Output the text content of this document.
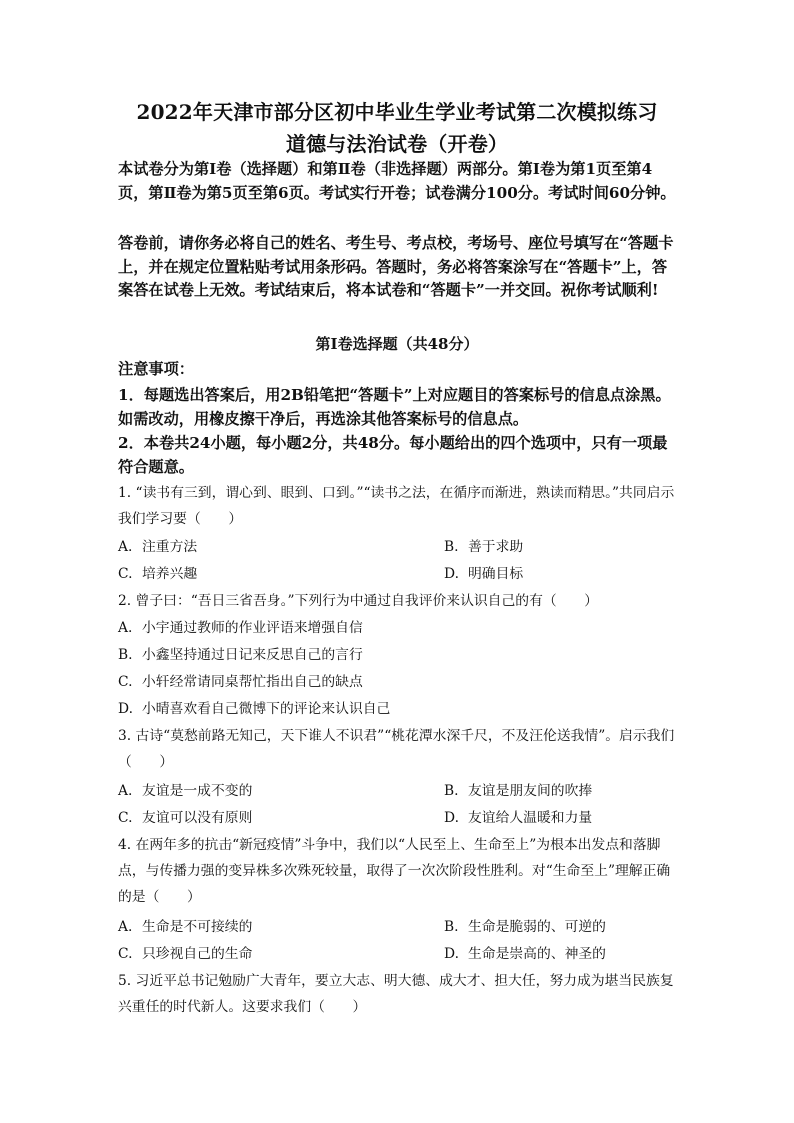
2022年天津市部分区初中毕业生学业考试第二次模拟练习
道德与法治试卷（开卷）

本试卷分为第Ⅰ卷（选择题）和第Ⅱ卷（非选择题）两部分。第Ⅰ卷为第1页至第4页，第Ⅱ卷为第5页至第6页。考试实行开卷；试卷满分100分。考试时间60分钟。

答卷前，请你务必将自己的姓名、考生号、考点校，考场号、座位号填写在“答题卡上，并在规定位置粘贴考试用条形码。答题时，务必将答案涂写在“答题卡”上，答案答在试卷上无效。考试结束后，将本试卷和“答题卡”一并交回。祝你考试顺利!

第Ⅰ卷选择题（共48分）

注意事项：

1．每题选出答案后，用2B铅笔把“答题卡”上对应题目的答案标号的信息点涂黑。如需改动，用橡皮擦干净后，再选涂其他答案标号的信息点。

2．本卷共24小题，每小题2分，共48分。每小题给出的四个选项中，只有一项最符合题意。

1. “读书有三到，谓心到、眼到、口到。”“读书之法，在循序而渐进，熟读而精思。”共同启示我们学习要（　　）

A. 注重方法	B. 善于求助
C. 培养兴趣	D. 明确目标

2. 曾子曰：“吾日三省吾身。”下列行为中通过自我评价来认识自己的有（　　）

A. 小宇通过教师的作业评语来增强自信
B. 小鑫坚持通过日记来反思自己的言行
C. 小轩经常请同桌帮忙指出自己的缺点
D. 小晴喜欢看自己微博下的评论来认识自己

3. 古诗“莫愁前路无知己，天下谁人不识君”“桃花潭水深千尺，不及汪伦送我情”。启示我们（　　）

A. 友谊是一成不变的	B. 友谊是朋友间的吹捧
C. 友谊可以没有原则	D. 友谊给人温暖和力量

4. 在两年多的抗击“新冠疫情”斗争中，我们以“人民至上、生命至上”为根本出发点和落脚点，与传播力强的变异株多次殊死较量，取得了一次次阶段性胜利。对“生命至上”理解正确的是（　　）

A. 生命是不可接续的	B. 生命是脆弱的、可逆的
C. 只珍视自己的生命	D. 生命是崇高的、神圣的

5. 习近平总书记勉励广大青年，要立大志、明大德、成大才、担大任，努力成为堪当民族复兴重任的时代新人。这要求我们（　　）
